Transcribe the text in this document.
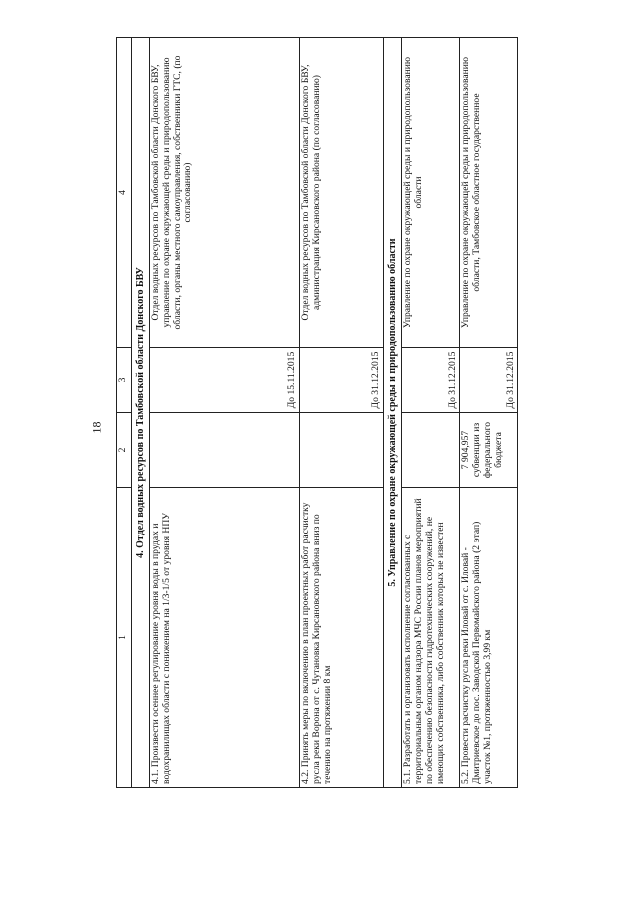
18
1	2	3	4
4. Отдел водных ресурсов по Тамбовской области Донского БВУ			
4.1. Произвести осеннее регулирование уровня воды в прудах и водохранилищах области с понижением на 1/3-1/5 от уровня НПУ		До 15.11.2015	Отдел водных ресурсов по Тамбовской области Донского БВУ, управление по охране окружающей среды и природопользованию области, органы местного самоуправления, собственники ГТС, (по согласованию)
4.2. Принять меры по включению в план проектных работ расчистку русла реки Ворона от с. Чутановка Кирсановского района вниз по течению на протяжении 8 км		До 31.12.2015	Отдел водных ресурсов по Тамбовской области Донского БВУ, администрация Кирсановского района (по согласованию)
5. Управление по охране окружающей среды и природопользованию области			
5.1. Разработать и организовать исполнение согласованных с территориальным органом надзора МЧС России планов мероприятий по обеспечению безопасности гидротехнических сооружений, не имеющих собственника, либо собственник которых не известен		До 31.12.2015	Управление по охране окружающей среды и природопользованию области
5.2. Провести расчистку русла реки Иловай от с. Иловай - Дмитриевское до пос. Заводской Первомайского района (2 этап) участок №1, протяженностью 3,99 км	7 904,957 субвенции из федерального бюджета	До 31.12.2015	Управление по охране окружающей среды и природопользованию области, Тамбовское областное государственное
